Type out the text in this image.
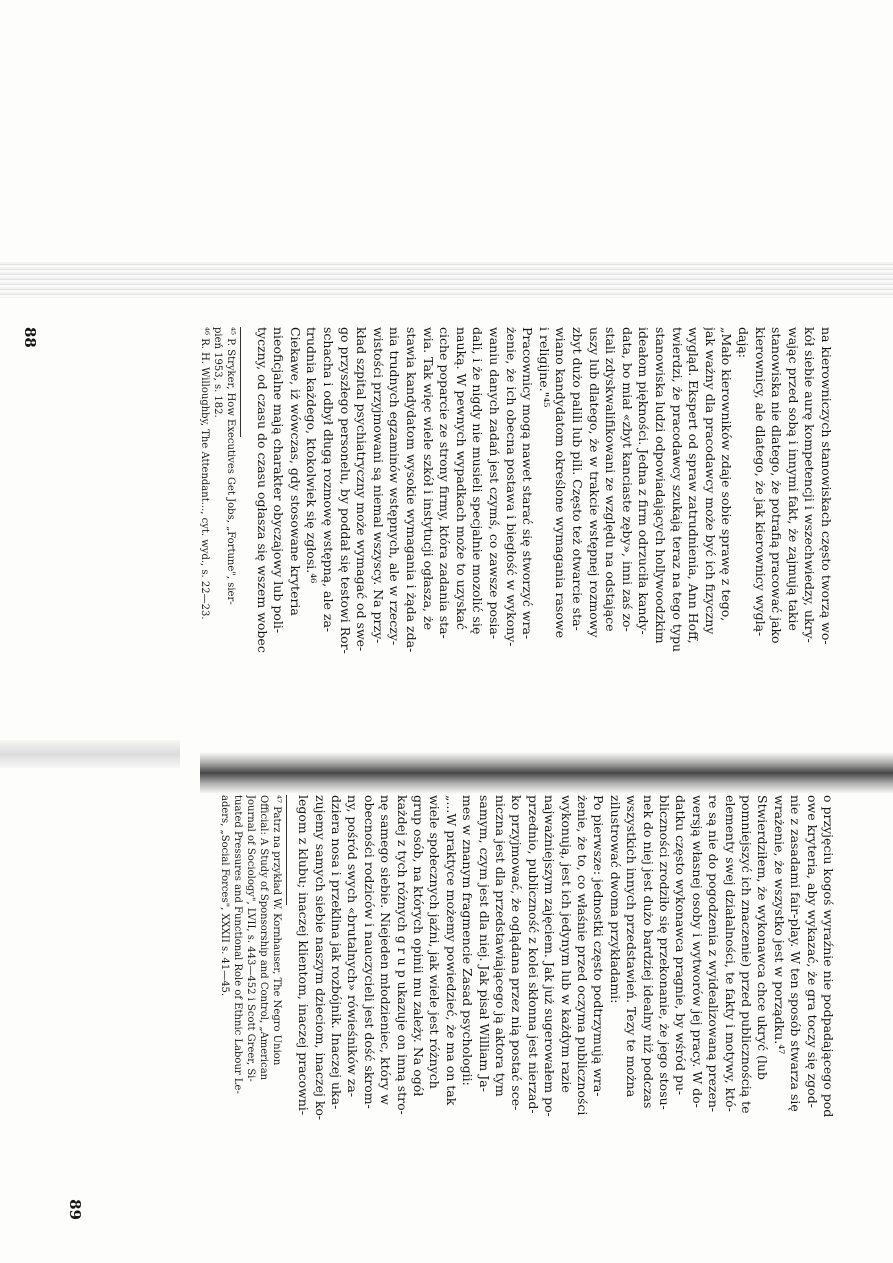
na kierowniczych stanowiskach często tworzą wo-
kół siebie aurę kompetencji i wszechwiedzy, ukry-
wając przed sobą i innymi fakt, że zajmują takie
stanowiska nie dlatego, że potrafią pracować jako
kierownicy, ale dlatego, że jak kierownicy wyglą-
dają:
„Mało kierowników zdaje sobie sprawę z tego,
jak ważny dla pracodawcy może być ich fizyczny
wygląd. Ekspert od spraw zatrudnienia, Ann Hoff,
twierdzi, że pracodawcy szukają teraz na tego typu
stanowiska ludzi odpowiadających hollywoodzkim
ideałom piękności. Jedna z firm odrzuciła kandy-
data, bo miał «zbyt kanciaste zęby», inni zaś zo-
stali zdyskwalifikowani ze względu na odstające
uszy lub dlatego, że w trakcie wstępnej rozmowy
zbyt dużo palili lub pili. Często też otwarcie sta-
wiano kandydatom określone wymagania rasowe
i religijne."⁴⁵
Pracownicy mogą nawet starać się stworzyć wra-
żenie, że ich obecna postawa i biegłość w wykony-
waniu danych zadań jest czymś, co zawsze posia-
dali, i że nigdy nie musieli specjalnie mozolić się
nauką. W pewnych wypadkach może to uzyskać
ciche poparcie ze strony firmy, która zadania sta-
wia. Tak więc wiele szkół i instytucji ogłasza, że
stawia kandydatom wysokie wymagania i żąda zda-
nia trudnych egzaminów wstępnych, ale w rzeczy-
wistości przyjmowani są niemal wszyscy. Na przy-
kład szpital psychiatryczny może wymagać od swe-
go przyszłego personelu, by poddał się testowi Ror-
schacha i odbył długą rozmowę wstępną, ale za-
trudnia każdego, ktokolwiek się zgłosi.⁴⁶
Ciekawe, iż wówczas, gdy stosowane kryteria
nieoficjalne mają charakter obyczajowy lub poli-
tyczny, od czasu do czasu ogłasza się wszem wobec
⁴⁵ P. Stryker, How Executives Get Jobs, „Fortune", sier-
pień 1953, s. 182.
⁴⁶ R. H. Willoughby, The Attendant..., cyt. wyd., s. 22—23.
88
o przyjęciu kogoś wyraźnie nie podpadającego pod
owe kryteria, aby wykazać, że gra toczy się zgod-
nie z zasadami fair-play. W ten sposób stwarza się
wrażenie, że wszystko jest w porządku.⁴⁷
Stwierdziłem, że wykonawca chce ukryć (lub
pomniejszyć ich znaczenie) przed publicznością te
elementy swej działalności, te fakty i motywy, któ-
re są nie do pogodzenia z wyidealizowaną prezen-
wersją własnej osoby i wytworów jej pracy. W do-
datku często wykonawca pragnie, by wśród pu-
bliczności zrodziło się przekonanie, że jego stosu-
nek do niej jest dużo bardziej idealny niż podczas
wszystkich innych przedstawień. Tezy te można
zilustrować dwoma przykładami:
Po pierwsze: jednostki często podtrzymują wra-
żenie, że to, co właśnie przed oczyma publiczności
wykonują, jest ich jedynym lub w każdym razie
najważniejszym zajęciem. Jak już sugerowałem po-
przednio, publiczność z kolei skłonna jest nierzad-
ko przyjmować, że oglądana przez nią postać sce-
niczna jest dla przedstawiającego ją aktora tym
samym, czym jest dla niej. Jak pisał William Ja-
mes w znanym fragmencie Zasad psychologii:
„...W praktyce możemy powiedzieć, że ma on tak
wiele społecznych jaźni, jak wiele jest różnych
grup osób, na których opinii mu zależy. Na ogół
każdej z tych różnych g r u p ukazuje on inną stro-
nę samego siebie. Niejeden młodzieniec, który w
obecności rodziców i nauczycieli jest dość skrom-
ny, pośród swych «brutalnych» rówieśników za-
dziera nosa i przeklina jak rozbójnik. Inaczej uka-
zujemy samych siebie naszym dzieciom, inaczej ko-
legom z klubu; inaczej klientom, inaczej pracowni-
⁴⁷ Patrz na przykład W. Kornhauser, The Negro Union
Official: A Study of Sponsorship and Control, „American
Journal of Sociology", LVII, s. 443—452 i Scott Greer, Si-
tuated Pressures and Functional Role of Ethnic Labour Le-
aders, „Social Forces", XXXII s. 41—45.
89
